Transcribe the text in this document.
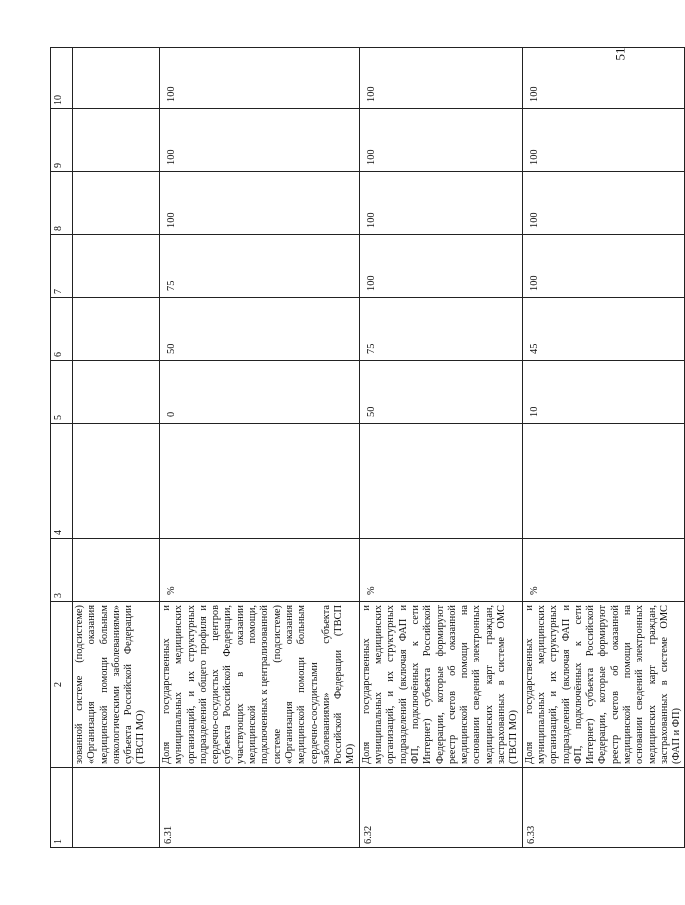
51
1	2	3	4	5	6	7	8	9	10
	зованной системе (подсистеме) «Организация оказания медицинской помощи больным онкологическими заболеваниями» субъекта Российской Федерации (ТВСП МО)								
6.31	Доля государственных и муниципальных медицинских организаций, и их структурных подразделений общего профиля и сердечно-сосудистых центров субъекта Российской Федерации, участвующих в оказании медицинской помощи, подключенных к централизованной системе (подсистеме) «Организация оказания медицинской помощи больным сердечно-сосудистыми заболеваниями» субъекта Российской Федерации (ТВСП МО)	%		0	50	75	100	100	100
6.32	Доля государственных и муниципальных медицинских организаций, и их структурных подразделений (включая ФАП и ФП, подключённых к сети Интернет) субъекта Российской Федерации, которые формируют реестр счетов об оказанной медицинской помощи на основании сведений электронных медицинских карт граждан, застрахованных в системе ОМС (ТВСП МО)	%		50	75	100	100	100	100
6.33	Доля государственных и муниципальных медицинских организаций, и их структурных подразделений (включая ФАП и ФП, подключённых к сети Интернет) субъекта Российской Федерации, которые формируют реестр счетов об оказанной медицинской помощи на основании сведений электронных медицинских карт граждан, застрахованных в системе ОМС (ФАП и ФП)	%		10	45	100	100	100	100
